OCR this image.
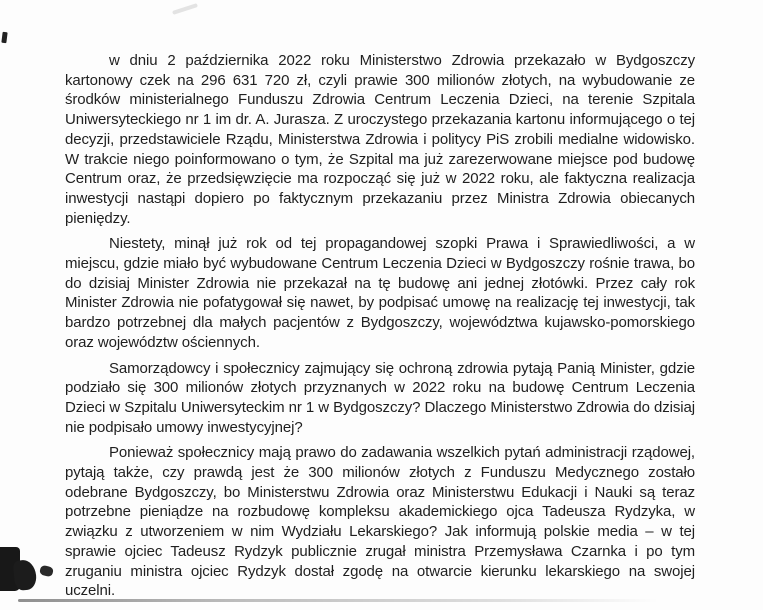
w dniu 2 października 2022 roku Ministerstwo Zdrowia przekazało w Bydgoszczy kartonowy czek na 296 631 720 zł, czyli prawie 300 milionów złotych, na wybudowanie ze środków ministerialnego Funduszu Zdrowia Centrum Leczenia Dzieci, na terenie Szpitala Uniwersyteckiego nr 1 im dr. A. Jurasza. Z uroczystego przekazania kartonu informującego o tej decyzji, przedstawiciele Rządu, Ministerstwa Zdrowia i politycy PiS zrobili medialne widowisko. W trakcie niego poinformowano o tym, że Szpital ma już zarezerwowane miejsce pod budowę Centrum oraz, że przedsięwzięcie ma rozpocząć się już w 2022 roku, ale faktyczna realizacja inwestycji nastąpi dopiero po faktycznym przekazaniu przez Ministra Zdrowia obiecanych pieniędzy.

Niestety, minął już rok od tej propagandowej szopki Prawa i Sprawiedliwości, a w miejscu, gdzie miało być wybudowane Centrum Leczenia Dzieci w Bydgoszczy rośnie trawa, bo do dzisiaj Minister Zdrowia nie przekazał na tę budowę ani jednej złotówki. Przez cały rok Minister Zdrowia nie pofatygował się nawet, by podpisać umowę na realizację tej inwestycji, tak bardzo potrzebnej dla małych pacjentów z Bydgoszczy, województwa kujawsko-pomorskiego oraz województw ościennych.

Samorządowcy i społecznicy zajmujący się ochroną zdrowia pytają Panią Minister, gdzie podziało się 300 milionów złotych przyznanych w 2022 roku na budowę Centrum Leczenia Dzieci w Szpitalu Uniwersyteckim nr 1 w Bydgoszczy? Dlaczego Ministerstwo Zdrowia do dzisiaj nie podpisało umowy inwestycyjnej?

Ponieważ społecznicy mają prawo do zadawania wszelkich pytań administracji rządowej, pytają także, czy prawdą jest że 300 milionów złotych z Funduszu Medycznego zostało odebrane Bydgoszczy, bo Ministerstwu Zdrowia oraz Ministerstwu Edukacji i Nauki są teraz potrzebne pieniądze na rozbudowę kompleksu akademickiego ojca Tadeusza Rydzyka, w związku z utworzeniem w nim Wydziału Lekarskiego? Jak informują polskie media – w tej sprawie ojciec Tadeusz Rydzyk publicznie zrugał ministra Przemysława Czarnka i po tym zruganiu ministra ojciec Rydzyk dostał zgodę na otwarcie kierunku lekarskiego na swojej uczelni.
